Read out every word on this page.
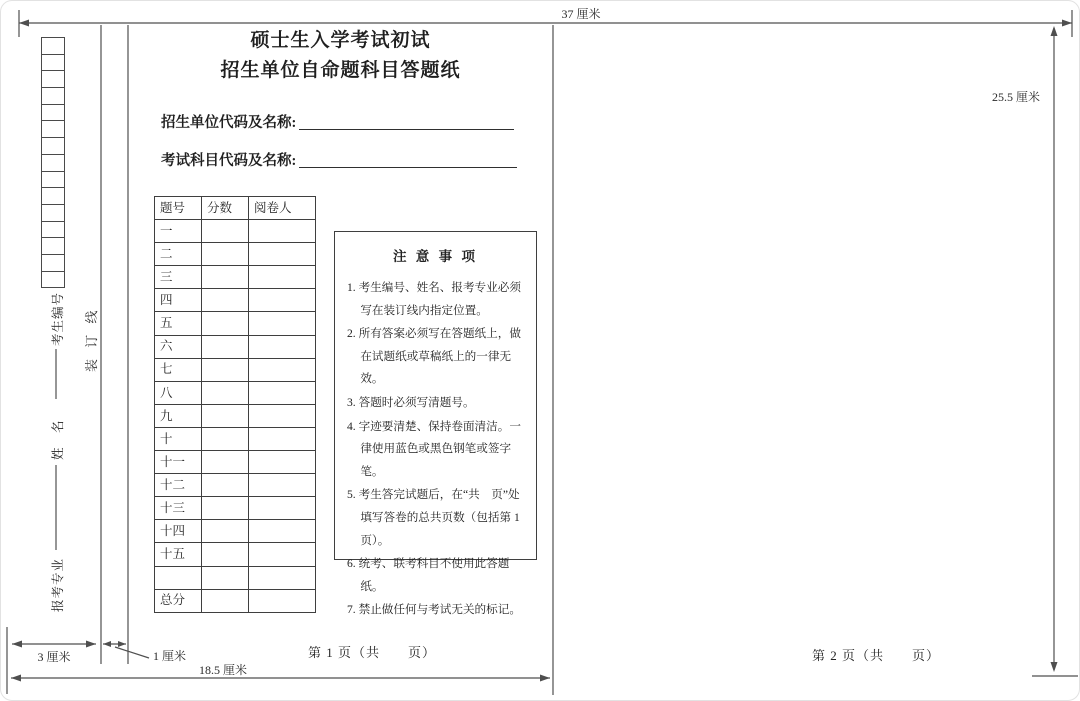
37 厘米
25.5 厘米
3 厘米	1 厘米
18.5 厘米
考生编号
姓　名
报考专业
装 订 线
硕士生入学考试初试
招生单位自命题科目答题纸
招生单位代码及名称:
考试科目代码及名称:
题号	分数	阅卷人
一		
二		
三		
四		
五		
六		
七		
八		
九		
十		
十一		
十二		
十三		
十四		
十五		

总分		
注 意 事 项
1. 考生编号、姓名、报考专业必须写在装订线内指定位置。
2. 所有答案必须写在答题纸上，做在试题纸或草稿纸上的一律无效。
3. 答题时必须写清题号。
4. 字迹要清楚、保持卷面清洁。一律使用蓝色或黑色钢笔或签字笔。
5. 考生答完试题后，在“共　页”处填写答卷的总共页数（包括第 1 页）。
6. 统考、联考科目不使用此答题纸。
7. 禁止做任何与考试无关的标记。
第 1 页（共　　页）	第 2 页（共　　页）
